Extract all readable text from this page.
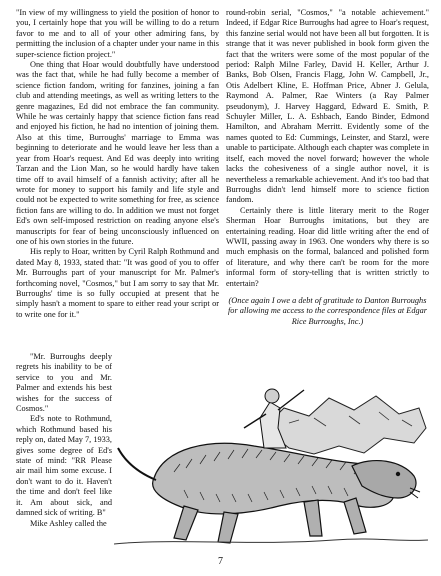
"In view of my willingness to yield the position of honor to you, I certainly hope that you will be willing to do a return favor to me and to all of your other admiring fans, by permitting the inclusion of a chapter under your name in this super-science fiction project."

One thing that Hoar would doubtfully have understood was the fact that, while he had fully become a member of science fiction fandom, writing for fanzines, joining a fan club and attending meetings, as well as writing letters to the genre magazines, Ed did not embrace the fan community. While he was certainly happy that science fiction fans read and enjoyed his fiction, he had no intention of joining them. Also at this time, Burroughs' marriage to Emma was beginning to deteriorate and he would leave her less than a year from Hoar's request. And Ed was deeply into writing Tarzan and the Lion Man, so he would hardly have taken time off to avail himself of a fannish activity; after all he wrote for money to support his family and life style and could not be expected to write something for free, as science fiction fans are willing to do. In addition we must not forget Ed's own self-imposed restriction on reading anyone else's manuscripts for fear of being unconsciously influenced on one of his own stories in the future.

His reply to Hoar, written by Cyril Ralph Rothmund and dated May 8, 1933, stated that: "It was good of you to offer Mr. Burroughs part of your manuscript for Mr. Palmer's forthcoming novel, "Cosmos," but I am sorry to say that Mr. Burroughs' time is so fully occupied at present that he simply hasn't a moment to spare to either read your script or to write one for it."

"Mr. Burroughs deeply regrets his inability to be of service to you and Mr. Palmer and extends his best wishes for the success of Cosmos."

Ed's note to Rothmund, which Rothmund based his reply on, dated May 7, 1933, gives some degree of Ed's state of mind: "RR Please air mail him some excuse. I don't want to do it. Haven't the time and don't feel like it. Am about sick, and damned sick of writing. B"

Mike Ashley called the

round-robin serial, "Cosmos," "a notable achievement." Indeed, if Edgar Rice Burroughs had agree to Hoar's request, this fanzine serial would not have been all but forgotten. It is strange that it was never published in book form given the fact that the writers were some of the most popular of the period: Ralph Milne Farley, David H. Keller, Arthur J. Banks, Bob Olsen, Francis Flagg, John W. Campbell, Jr., Otis Adelbert Kline, E. Hoffman Price, Abner J. Gelula, Raymond A. Palmer, Rae Winters (a Ray Palmer pseudonym), J. Harvey Haggard, Edward E. Smith, P. Schuyler Miller, L. A. Eshbach, Eando Binder, Edmond Hamilton, and Abraham Merritt. Evidently some of the names quoted to Ed: Cummings, Leinster, and Starzl, were unable to participate. Although each chapter was complete in itself, each moved the novel forward; however the whole lacks the cohesiveness of a single author novel, it is nevertheless a remarkable achievement. And it's too bad that Burroughs didn't lend himself more to science fiction fandom.

Certainly there is little literary merit to the Roger Sherman Hoar Burroughs imitations, but they are entertaining reading. Hoar did little writing after the end of WWII, passing away in 1963. One wonders why there is so much emphasis on the formal, balanced and polished form of literature, and why there can't be room for the more informal form of story-telling that is written strictly to entertain?

(Once again I owe a debt of gratitude to Danton Burroughs for allowing me access to the correspondence files at Edgar Rice Burroughs, Inc.)

7
